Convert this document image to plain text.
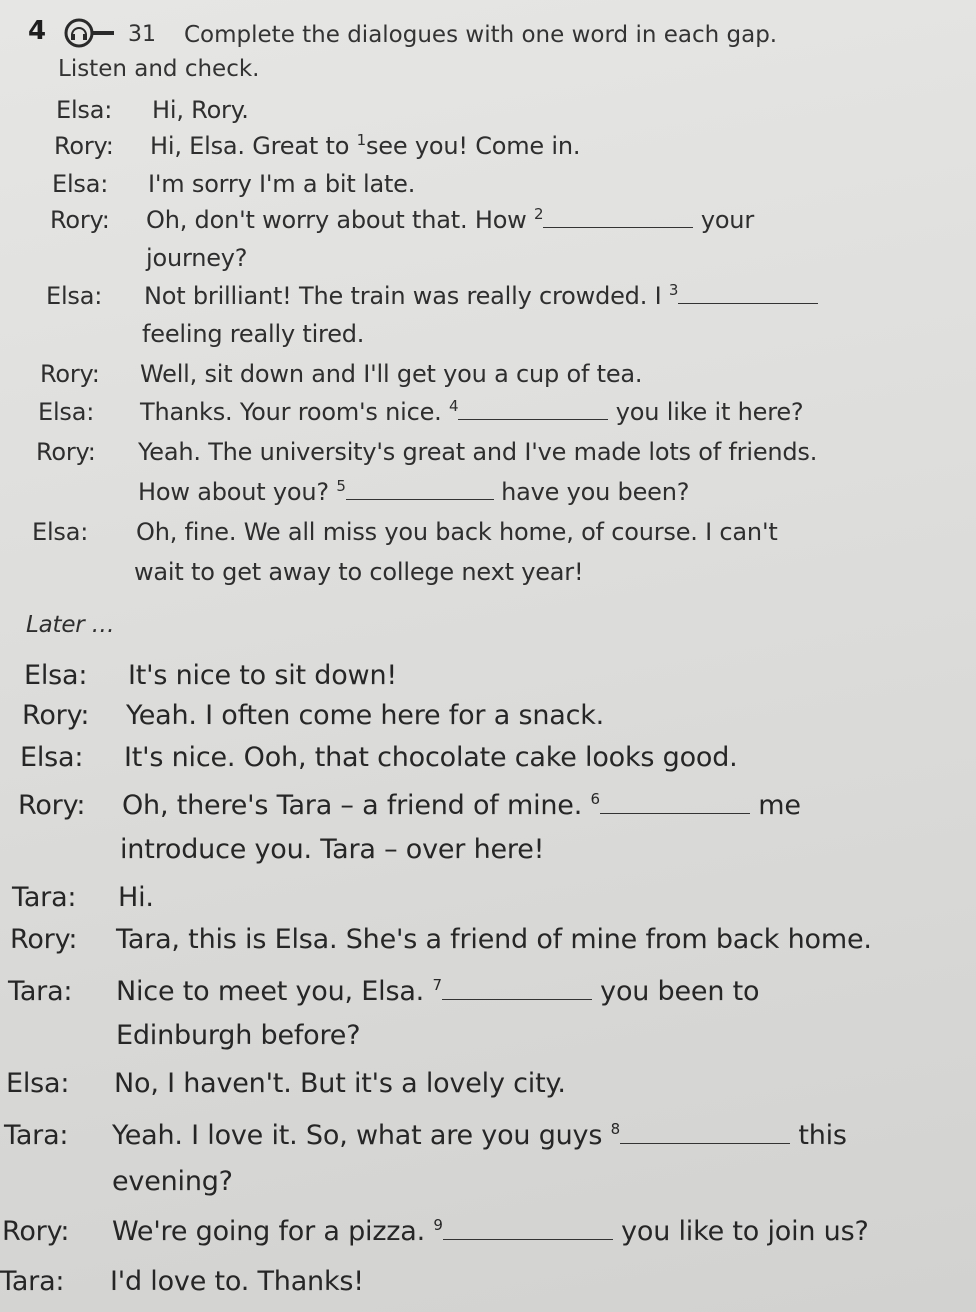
4	31 Complete the dialogues with one word in each gap.
Listen and check.
Elsa: Hi, Rory.
Rory: Hi, Elsa. Great to $^1$see you! Come in.
Elsa: I'm sorry I'm a bit late.
Rory: Oh, don't worry about that. How $^2$	your
journey?
Elsa: Not brilliant! The train was really crowded. I $^3$
feeling really tired.
Rory: Well, sit down and I'll get you a cup of tea.
Elsa: Thanks. Your room's nice. $^4$	you like it here?
Rory: Yeah. The university's great and I've made lots of friends.
How about you? $^5$	have you been?
Elsa: Oh, fine. We all miss you back home, of course. I can't
wait to get away to college next year!
Later …
Elsa: It's nice to sit down!
Rory: Yeah. I often come here for a snack.
Elsa: It's nice. Ooh, that chocolate cake looks good.
Rory: Oh, there's Tara – a friend of mine. $^6$	me
introduce you. Tara – over here!
Tara: Hi.
Rory: Tara, this is Elsa. She's a friend of mine from back home.
Tara: Nice to meet you, Elsa. $^7$	you been to
Edinburgh before?
Elsa: No, I haven't. But it's a lovely city.
Tara: Yeah. I love it. So, what are you guys $^8$	this
evening?
Rory: We're going for a pizza. $^9$	you like to join us?
Tara: I'd love to. Thanks!
